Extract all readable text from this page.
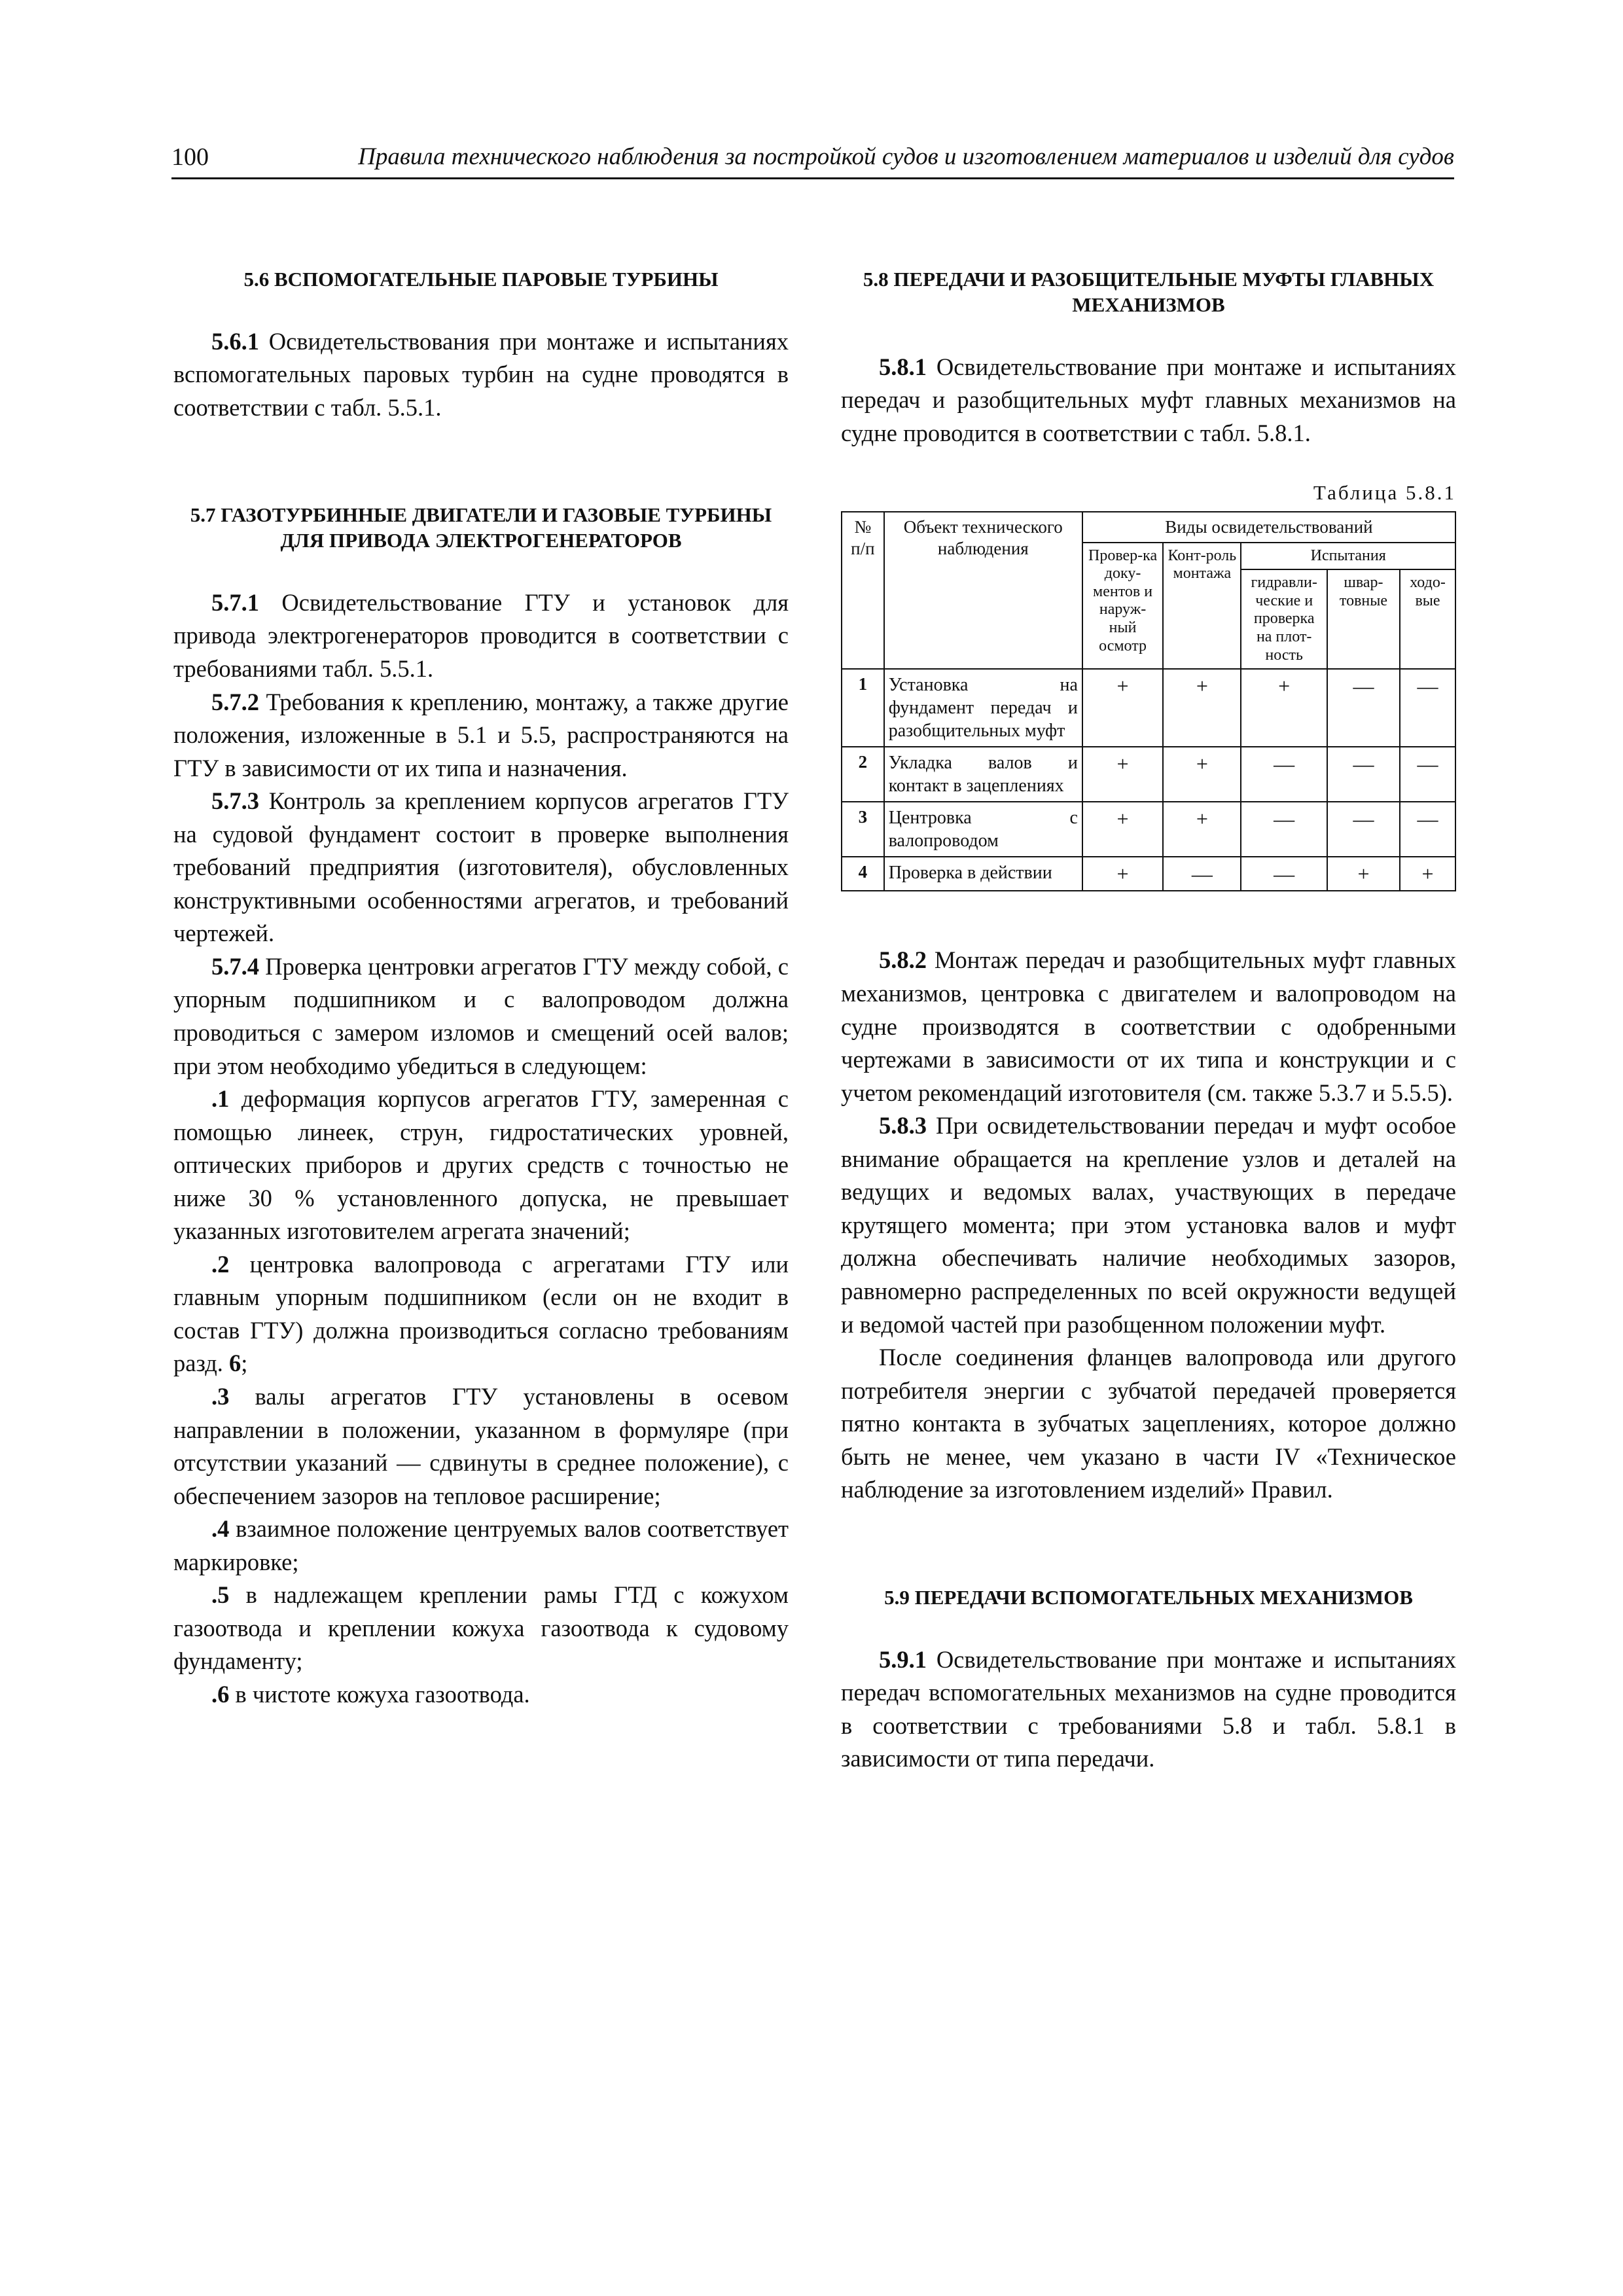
100	Правила технического наблюдения за постройкой судов и изготовлением материалов и изделий для судов
5.6 ВСПОМОГАТЕЛЬНЫЕ ПАРОВЫЕ ТУРБИНЫ

5.6.1 Освидетельствования при монтаже и испытаниях вспомогательных паровых турбин на судне проводятся в соответствии с табл. 5.5.1.

5.7 ГАЗОТУРБИННЫЕ ДВИГАТЕЛИ И ГАЗОВЫЕ ТУРБИНЫ ДЛЯ ПРИВОДА ЭЛЕКТРОГЕНЕРАТОРОВ

5.7.1 Освидетельствование ГТУ и установок для привода электрогенераторов проводится в соответствии с требованиями табл. 5.5.1.

5.7.2 Требования к креплению, монтажу, а также другие положения, изложенные в 5.1 и 5.5, распространяются на ГТУ в зависимости от их типа и назначения.

5.7.3 Контроль за креплением корпусов агрегатов ГТУ на судовой фундамент состоит в проверке выполнения требований предприятия (изготовителя), обусловленных конструктивными особенностями агрегатов, и требований чертежей.

5.7.4 Проверка центровки агрегатов ГТУ между собой, с упорным подшипником и с валопроводом должна проводиться с замером изломов и смещений осей валов; при этом необходимо убедиться в следующем:

.1 деформация корпусов агрегатов ГТУ, замеренная с помощью линеек, струн, гидростатических уровней, оптических приборов и других средств с точностью не ниже 30 % установленного допуска, не превышает указанных изготовителем агрегата значений;

.2 центровка валопровода с агрегатами ГТУ или главным упорным подшипником (если он не входит в состав ГТУ) должна производиться согласно требованиям разд. 6;

.3 валы агрегатов ГТУ установлены в осевом направлении в положении, указанном в формуляре (при отсутствии указаний — сдвинуты в среднее положение), с обеспечением зазоров на тепловое расширение;

.4 взаимное положение центруемых валов соответствует маркировке;

.5 в надлежащем креплении рамы ГТД с кожухом газоотвода и креплении кожуха газоотвода к судовому фундаменту;

.6 в чистоте кожуха газоотвода.

5.8 ПЕРЕДАЧИ И РАЗОБЩИТЕЛЬНЫЕ МУФТЫ ГЛАВНЫХ МЕХАНИЗМОВ

5.8.1 Освидетельствование при монтаже и испытаниях передач и разобщительных муфт главных механизмов на судне проводится в соответствии с табл. 5.8.1.

Таблица 5.8.1

№ п/п	Объект технического наблюдения	Виды освидетельствований				
		Провер-ка доку-ментов и наруж-ный осмотр	Конт-роль монтажа	Испытания		
				гидравли-ческие и проверка на плот-ность	швар-товные	ходо-вые
1	Установка на фундамент передач и разобщительных муфт	+	+	+	—	—
2	Укладка валов и контакт в зацеплениях	+	+	—	—	—
3	Центровка с валопроводом	+	+	—	—	—
4	Проверка в действии	+	—	—	+	+

5.8.2 Монтаж передач и разобщительных муфт главных механизмов, центровка с двигателем и валопроводом на судне производятся в соответствии с одобренными чертежами в зависимости от их типа и конструкции и с учетом рекомендаций изготовителя (см. также 5.3.7 и 5.5.5).

5.8.3 При освидетельствовании передач и муфт особое внимание обращается на крепление узлов и деталей на ведущих и ведомых валах, участвующих в передаче крутящего момента; при этом установка валов и муфт должна обеспечивать наличие необходимых зазоров, равномерно распределенных по всей окружности ведущей и ведомой частей при разобщенном положении муфт.

После соединения фланцев валопровода или другого потребителя энергии с зубчатой передачей проверяется пятно контакта в зубчатых зацеплениях, которое должно быть не менее, чем указано в части IV «Техническое наблюдение за изготовлением изделий» Правил.

5.9 ПЕРЕДАЧИ ВСПОМОГАТЕЛЬНЫХ МЕХАНИЗМОВ

5.9.1 Освидетельствование при монтаже и испытаниях передач вспомогательных механизмов на судне проводится в соответствии с требованиями 5.8 и табл. 5.8.1 в зависимости от типа передачи.
